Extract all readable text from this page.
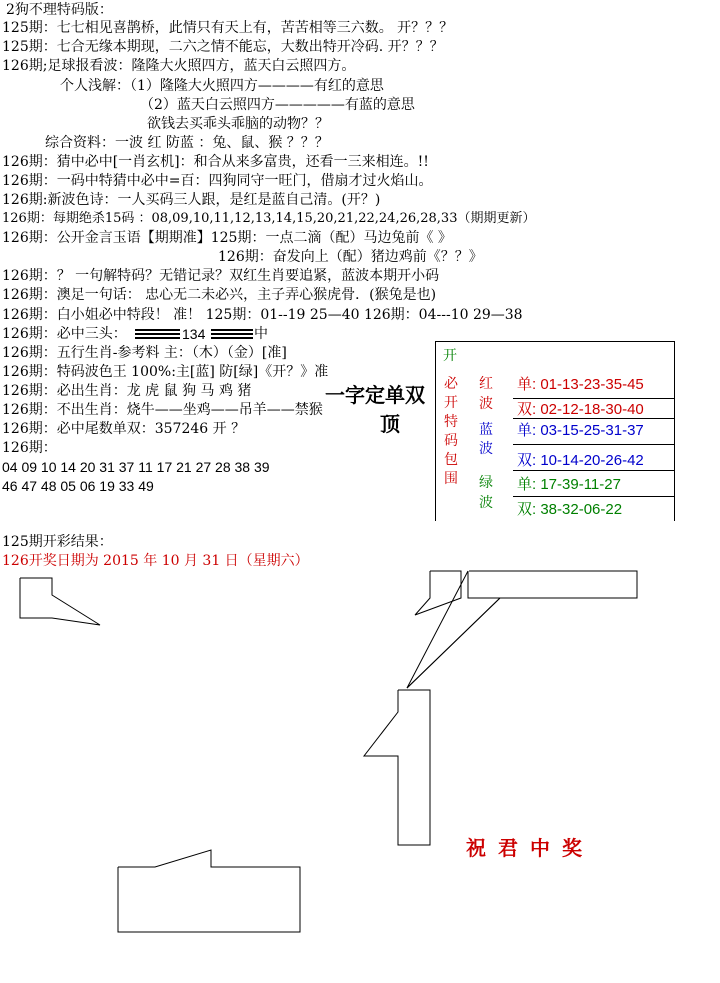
2狗不理特码版：
125期：七七相见喜鹊桥，此情只有天上有，苦苦相等三六数。 开？？？
125期：七合无缘本期现，二六之情不能忘，大数出特开冷码. 开？？？
126期;足球报看波：隆隆大火照四方，蓝天白云照四方。
个人浅解：（1）隆隆大火照四方————有红的意思
（2）蓝天白云照四方—————有蓝的意思
欲钱去买乖头乖脑的动物？？
综合资料：一波 红 防蓝 ：兔、鼠、猴 ？？？
126期：猜中必中[一肖玄机]：和合从来多富贵，还看一三来相连。!!
126期：一码中特猜中必中=百：四狗同守一旺门，借扇才过火焰山。
126期:新波色诗：一人买码三人跟，是红是蓝自己清。(开？)
126期：每期绝杀15码 ：08,09,10,11,12,13,14,15,20,21,22,24,26,28,33（期期更新）
126期：公开金言玉语【期期准】125期：一点二滴（配）马边兔前《 》
126期：奋发向上（配）猪边鸡前《？？》
126期：？ 一句解特码？无错记录？双红生肖要追紧，蓝波本期开小码
126期：澳足一句话： 忠心无二未必兴，主子弄心猴虎骨．(猴兔是也)
126期：白小姐必中特段！ 准！ 125期：01--19 25—40 126期：04---10 29—38
126期：必中三头：	134	中
126期：五行生肖-参考料 主：（木）（金）[准]
126期：特码波色王 100%:主[蓝] 防[绿]《开？》准
126期：必出生肖：龙 虎 鼠 狗 马 鸡 猪
126期：不出生肖：烧牛——坐鸡——吊羊——禁猴
126期：必中尾数单双：357246 开 ？
126期：
04 09 10 14 20 31 37 11 17 21 27 28 38 39
46 47 48 05 06 19 33 49
一字定单双
顶
开
必
开
特
码
包
围
红
波
蓝
波
绿
波
单: 01-13-23-35-45
双: 02-12-18-30-40
单: 03-15-25-31-37
双: 10-14-20-26-42
单: 17-39-11-27
双: 38-32-06-22
125期开彩结果：
126开奖日期为 2015 年 10 月 31 日（星期六）
祝君中奖
